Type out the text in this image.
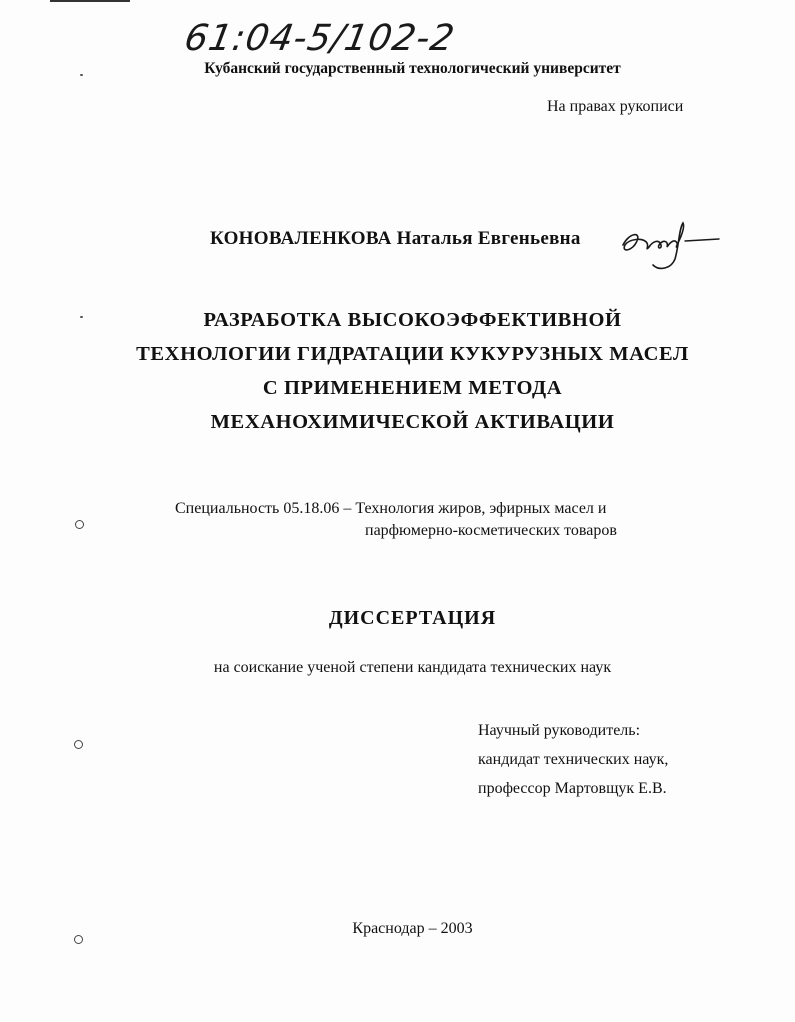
61:04-5/102-2
Кубанский государственный технологический университет
На правах рукописи
КОНОВАЛЕНКОВА Наталья Евгеньевна
РАЗРАБОТКА ВЫСОКОЭФФЕКТИВНОЙ
ТЕХНОЛОГИИ ГИДРАТАЦИИ КУКУРУЗНЫХ МАСЕЛ
С ПРИМЕНЕНИЕМ МЕТОДА
МЕХАНОХИМИЧЕСКОЙ АКТИВАЦИИ
Специальность 05.18.06 – Технология жиров, эфирных масел и
парфюмерно-косметических товаров
ДИССЕРТАЦИЯ
на соискание ученой степени кандидата технических наук
Научный руководитель:
кандидат технических наук,
профессор Мартовщук Е.В.
Краснодар – 2003
